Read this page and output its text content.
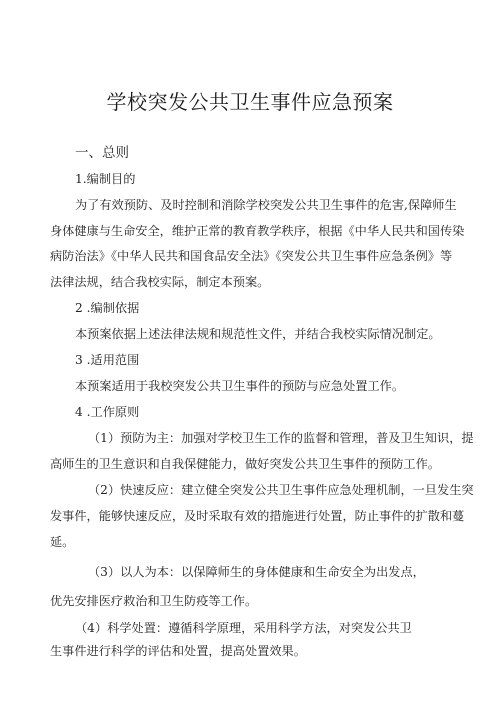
学校突发公共卫生事件应急预案
一、总则
1.编制目的
为了有效预防、及时控制和消除学校突发公共卫生事件的危害,保障师生
身体健康与生命安全，维护正常的教育教学秩序，根据《中华人民共和国传染
病防治法》《中华人民共和国食品安全法》《突发公共卫生事件应急条例》等
法律法规，结合我校实际，制定本预案。
2 .编制依据
本预案依据上述法律法规和规范性文件，并结合我校实际情况制定。
3 .适用范围
本预案适用于我校突发公共卫生事件的预防与应急处置工作。
4 .工作原则
（1）预防为主：加强对学校卫生工作的监督和管理，普及卫生知识，提
高师生的卫生意识和自我保健能力，做好突发公共卫生事件的预防工作。
（2）快速反应：建立健全突发公共卫生事件应急处理机制，一旦发生突
发事件，能够快速反应，及时采取有效的措施进行处置，防止事件的扩散和蔓
延。
（3）以人为本：以保障师生的身体健康和生命安全为出发点，
优先安排医疗救治和卫生防疫等工作。
（4）科学处置：遵循科学原理，采用科学方法，对突发公共卫
生事件进行科学的评估和处置，提高处置效果。
